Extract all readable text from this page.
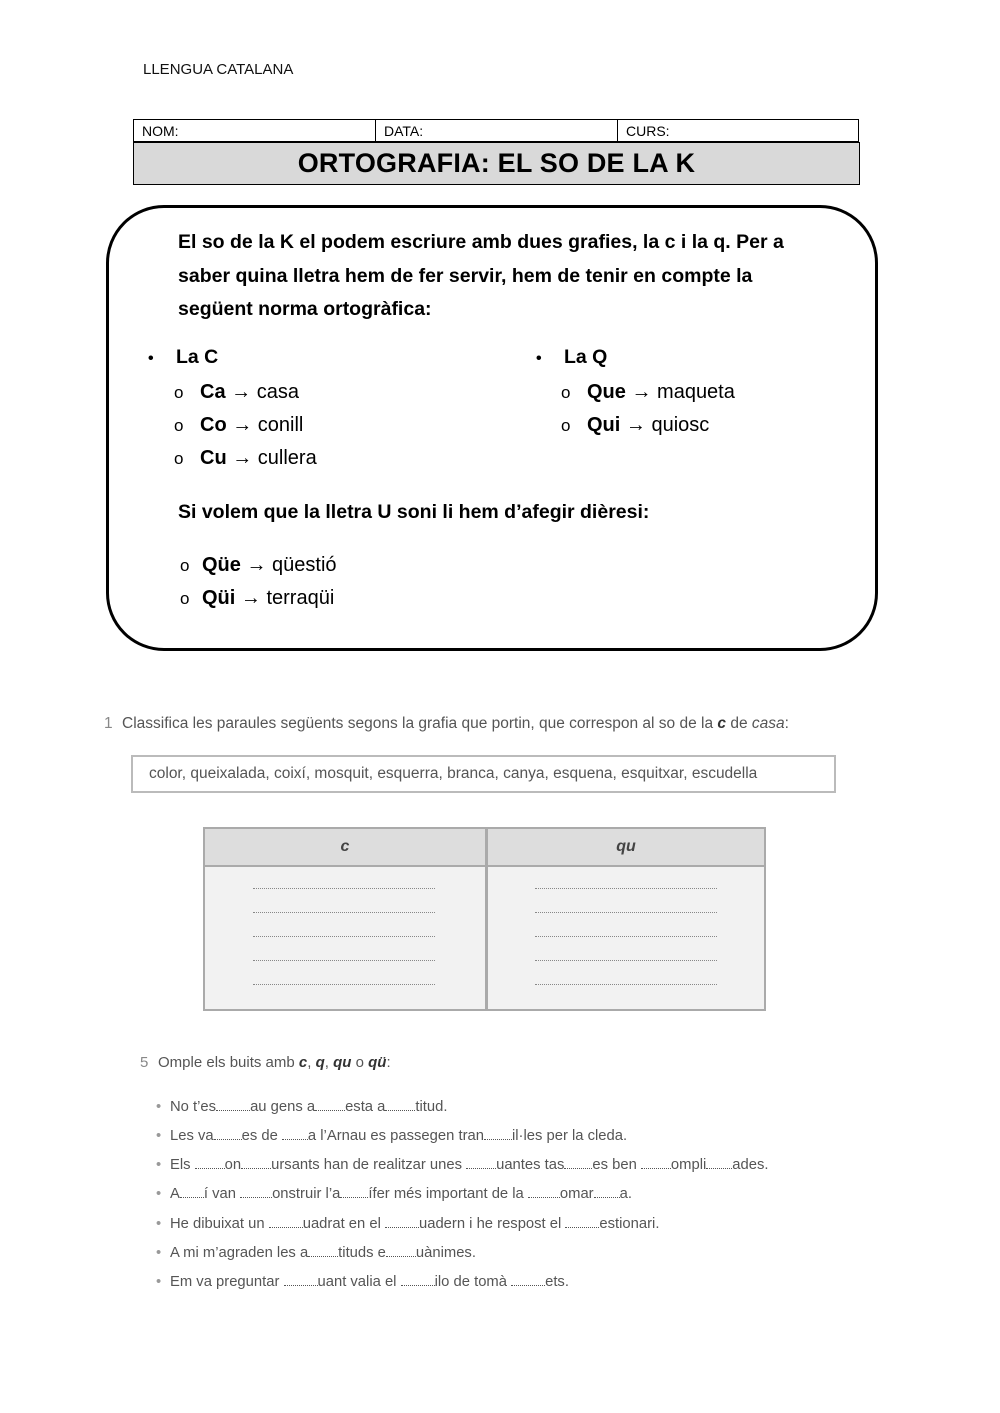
LLENGUA CATALANA
NOM:	DATA:	CURS:
ORTOGRAFIA: EL SO DE LA K
El so de la K el podem escriure amb dues grafies, la c i la q. Per a saber quina lletra hem de fer servir, hem de tenir en compte la següent norma ortogràfica:
• La C
o Ca → casa
o Co → conill
o Cu → cullera
• La Q
o Que → maqueta
o Qui → quiosc
Si volem que la lletra U soni li hem d’afegir dièresi:
o Qüe → qüestió
o Qüi → terraqüi
1 Classifica les paraules següents segons la grafia que portin, que correspon al so de la c de casa:
color, queixalada, coixí, mosquit, esquerra, branca, canya, esquena, esquitxar, escudella
c	qu
5 Omple els buits amb c, q, qu o qü:
• No t’es au gens a esta a titud.
• Les va es de a l’Arnau es passegen tran il·les per la cleda.
• Els on ursants han de realitzar unes uantes tas es ben ompli ades.
• A í van onstruir l’a ífer més important de la omar a.
• He dibuixat un uadrat en el uadern i he respost el estionari.
• A mi m’agraden les a tituds e uànimes.
• Em va preguntar uant valia el ilo de tomà ets.
